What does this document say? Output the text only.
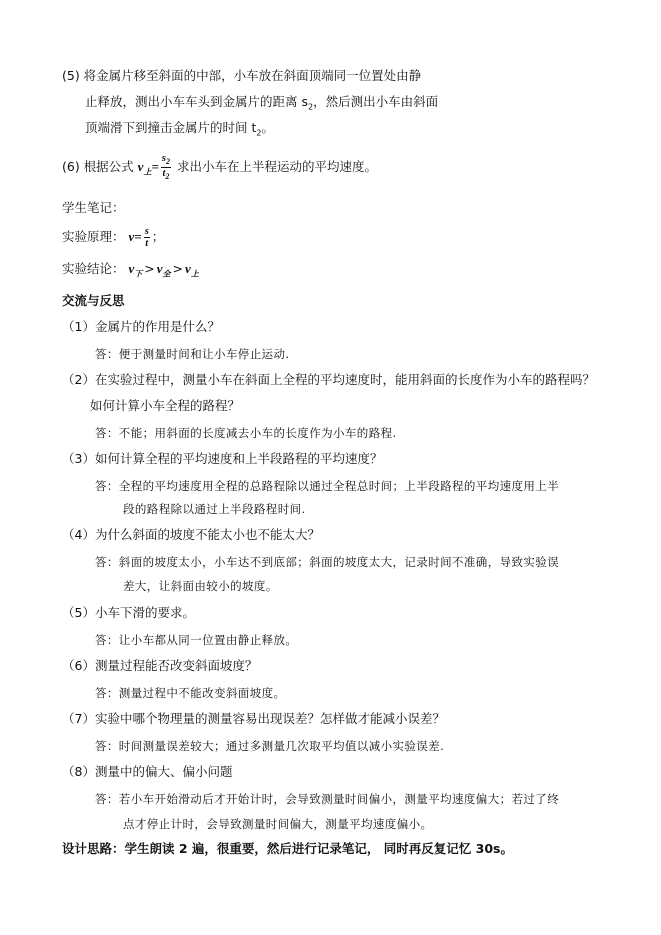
(5) 将金属片移至斜面的中部，小车放在斜面顶端同一位置处由静
止释放，测出小车车头到金属片的距离 $s_2$，然后测出小车由斜面
顶端滑下到撞击金属片的时间 $t_2$。
(6) 根据公式 $v_上= \frac{s_2}{t_2}$ 求出小车在上半程运动的平均速度。
学生笔记：
实验原理： $v= \frac{s}{t}$ ；
实验结论： $v_下 > v_全 > v_上$
交流与反思
（1）金属片的作用是什么？
答：便于测量时间和让小车停止运动.
（2）在实验过程中，测量小车在斜面上全程的平均速度时，能用斜面的长度作为小车的路程吗？
如何计算小车全程的路程？
答：不能；用斜面的长度减去小车的长度作为小车的路程.
（3）如何计算全程的平均速度和上半段路程的平均速度？
答：全程的平均速度用全程的总路程除以通过全程总时间；上半段路程的平均速度用上半
段的路程除以通过上半段路程时间.
（4）为什么斜面的坡度不能太小也不能太大？
答：斜面的坡度太小，小车达不到底部；斜面的坡度太大，记录时间不准确，导致实验误
差大，让斜面由较小的坡度。
（5）小车下滑的要求。
答：让小车都从同一位置由静止释放。
（6）测量过程能否改变斜面坡度？
答：测量过程中不能改变斜面坡度。
（7）实验中哪个物理量的测量容易出现误差？怎样做才能减小误差？
答：时间测量误差较大；通过多测量几次取平均值以减小实验误差.
（8）测量中的偏大、偏小问题
答：若小车开始滑动后才开始计时，会导致测量时间偏小，测量平均速度偏大；若过了终
点才停止计时，会导致测量时间偏大，测量平均速度偏小。
设计思路：学生朗读 2 遍，很重要，然后进行记录笔记， 同时再反复记忆 30s。
